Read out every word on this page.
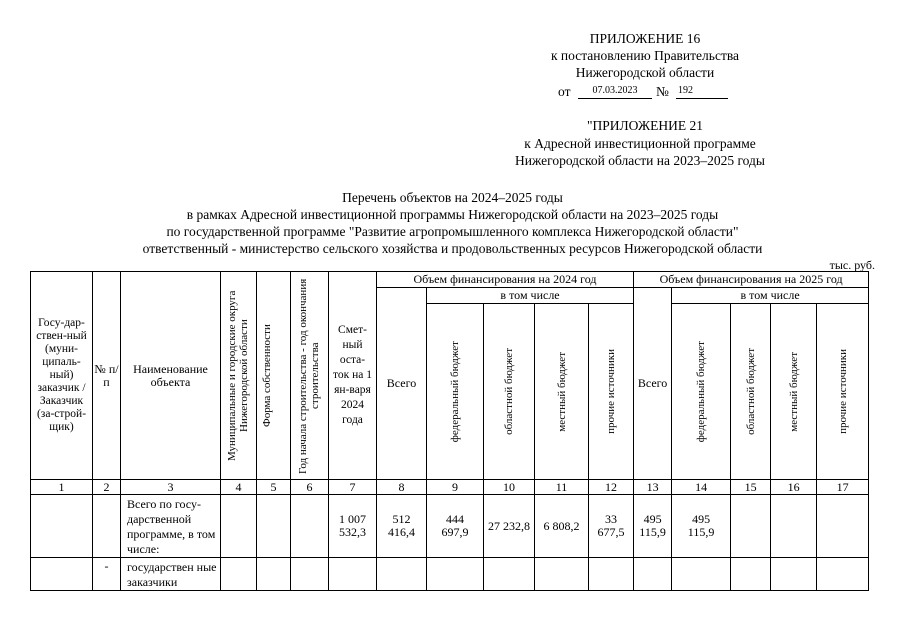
ПРИЛОЖЕНИЕ 16
к постановлению Правительства
Нижегородской области
от	07.03.2023	№ 192
"ПРИЛОЖЕНИЕ 21
к Адресной инвестиционной программе
Нижегородской области на 2023–2025 годы
Перечень объектов на 2024–2025 годы
в рамках Адресной инвестиционной программы Нижегородской области на 2023–2025 годы
по государственной программе "Развитие агропромышленного комплекса Нижегородской области"
ответственный - министерство сельского хозяйства и продовольственных ресурсов Нижегородской области
тыс. руб.
Госу-дар-ствен-ный (муни-ципаль-ный) заказчик / Заказчик (за-строй-щик)	№ п/п	Наименование объекта	Муниципальные и городские округа Нижегородской области	Форма собственности	Год начала строительства - год окончания строительства	Смет-ный оста-ток на 1 ян-варя 2024 года	Объем финансирования на 2024 год					Объем финансирования на 2025 год				
							Всего	в том числе				Всего	в том числе			

								федеральный бюджет	областной бюджет	местный бюджет	прочие источники		федеральный бюджет	областной бюджет	местный бюджет	прочие источники

1	2	3	4	5	6	7	8	9	10	11	12	13	14	15	16	17

		Всего по госу-дарственной программе, в том числе:				1 007 532,3	512 416,4	444 697,9	27 232,8	6 808,2	33 677,5	495 115,9	495 115,9			

	-	государствен ные заказчики														
